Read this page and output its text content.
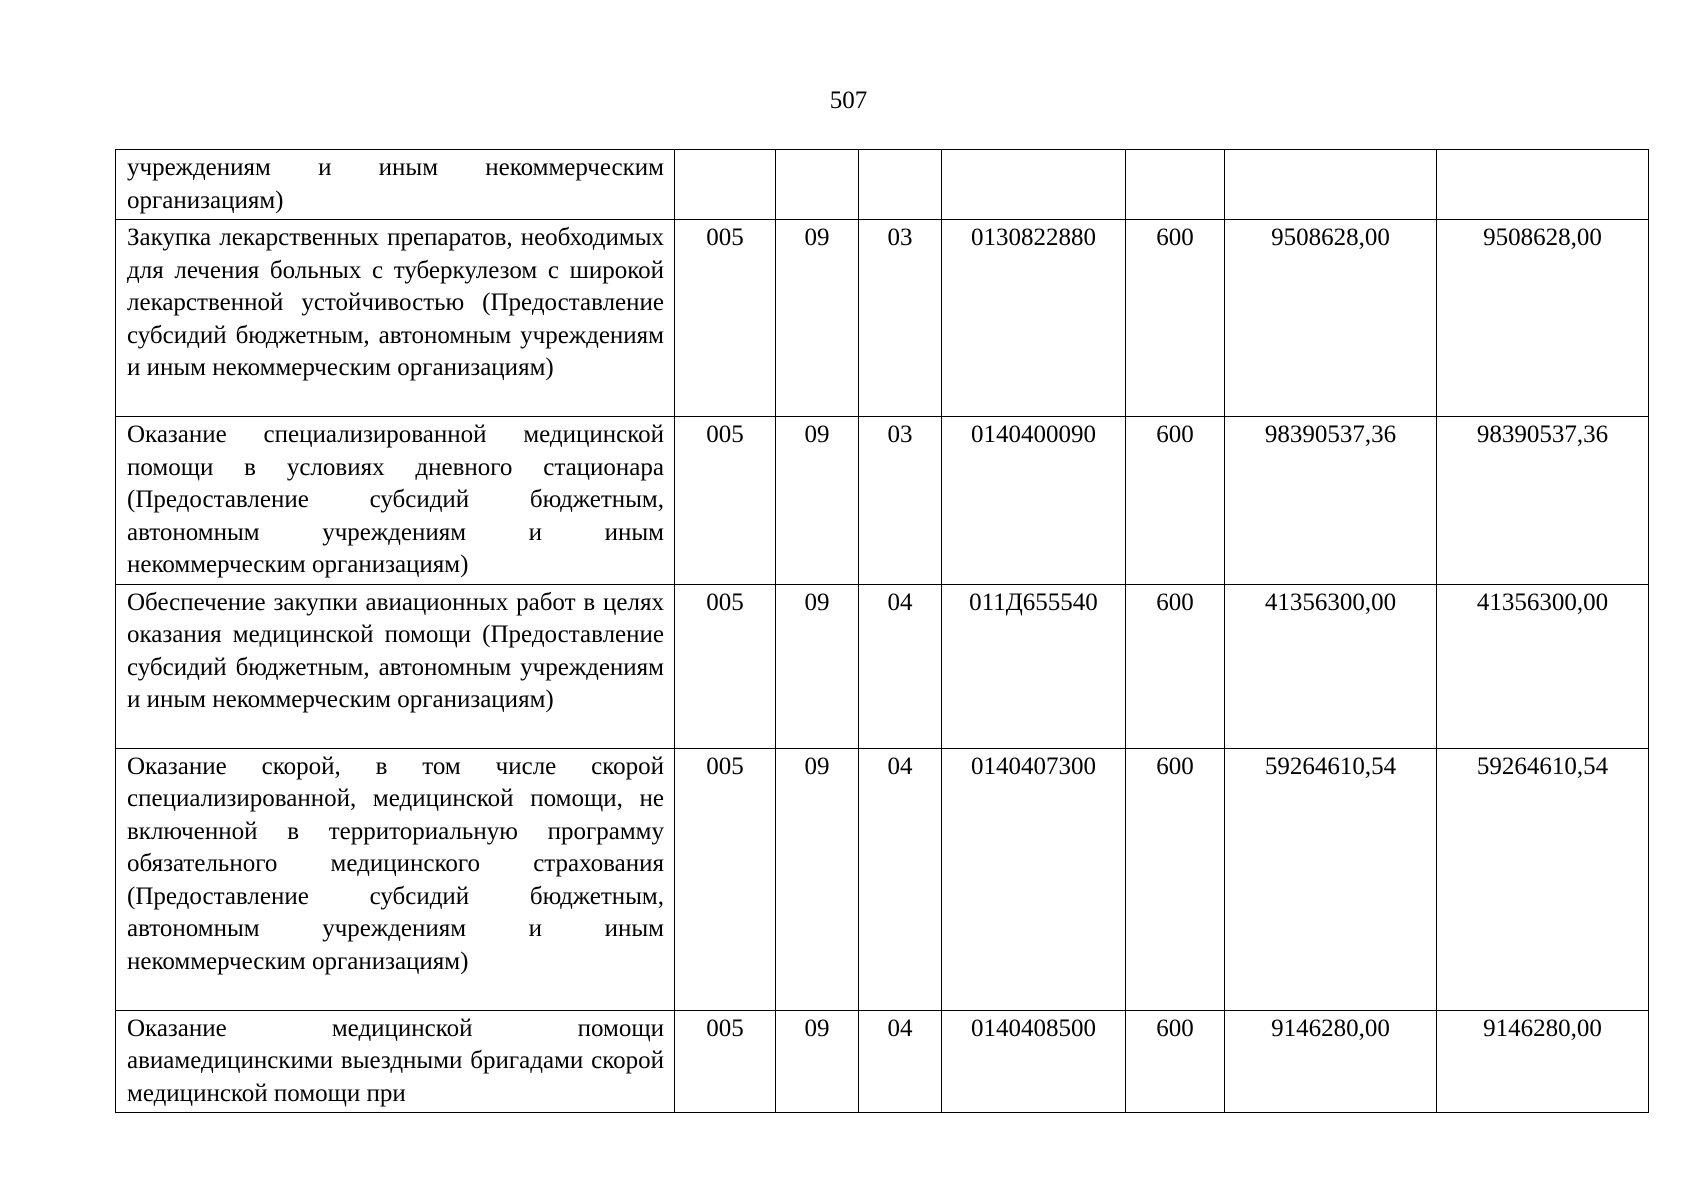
507
учреждениям и иным некоммерческим организациям)							
Закупка лекарственных препаратов, необходимых для лечения больных с туберкулезом с широкой лекарственной устойчивостью (Предоставление субсидий бюджетным, автономным учреждениям и иным некоммерческим организациям)	005	09	03	0130822880	600	9508628,00	9508628,00
Оказание специализированной медицинской помощи в условиях дневного стационара (Предоставление субсидий бюджетным, автономным учреждениям и иным некоммерческим организациям)	005	09	03	0140400090	600	98390537,36	98390537,36
Обеспечение закупки авиационных работ в целях оказания медицинской помощи (Предоставление субсидий бюджетным, автономным учреждениям и иным некоммерческим организациям)	005	09	04	011Д655540	600	41356300,00	41356300,00
Оказание скорой, в том числе скорой специализированной, медицинской помощи, не включенной в территориальную программу обязательного медицинского страхования (Предоставление субсидий бюджетным, автономным учреждениям и иным некоммерческим организациям)	005	09	04	0140407300	600	59264610,54	59264610,54
Оказание медицинской помощи авиамедицинскими выездными бригадами скорой медицинской помощи при	005	09	04	0140408500	600	9146280,00	9146280,00
